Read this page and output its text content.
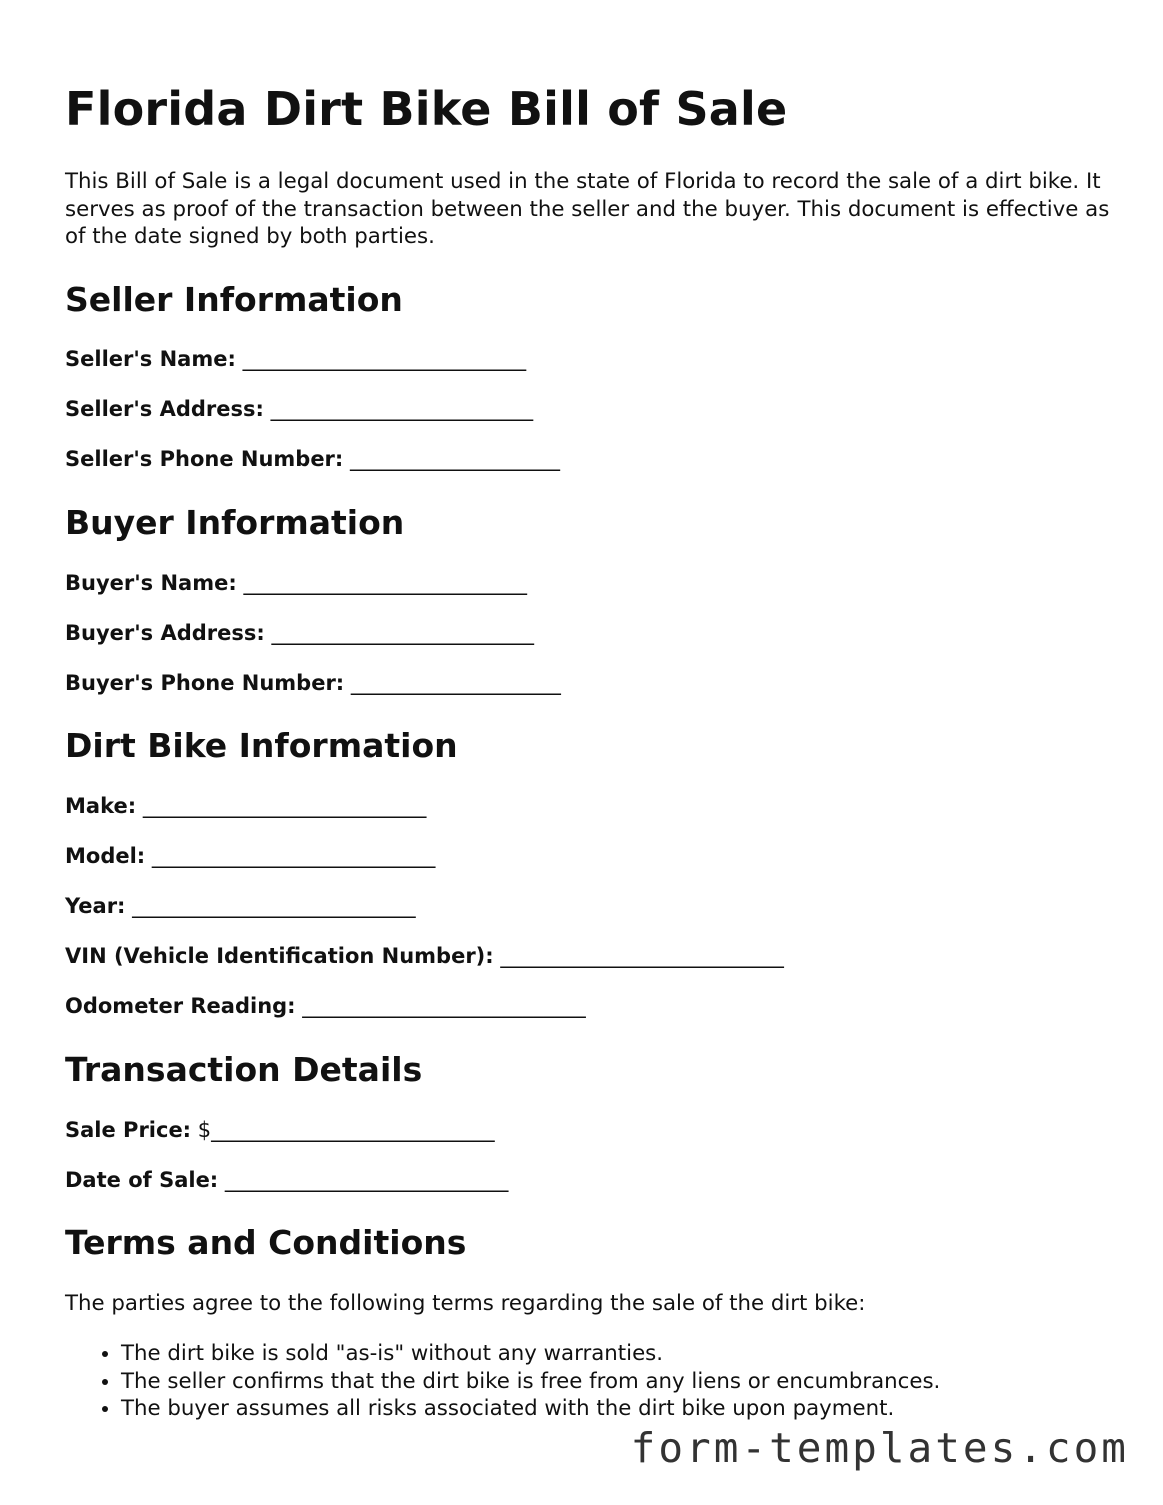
Florida Dirt Bike Bill of Sale

This Bill of Sale is a legal document used in the state of Florida to record the sale of a dirt bike. It serves as proof of the transaction between the seller and the buyer. This document is effective as of the date signed by both parties.

Seller Information

Seller's Name: ___________________________

Seller's Address: _________________________

Seller's Phone Number: ____________________

Buyer Information

Buyer's Name: ___________________________

Buyer's Address: _________________________

Buyer's Phone Number: ____________________

Dirt Bike Information

Make: ___________________________

Model: ___________________________

Year: ___________________________

VIN (Vehicle Identification Number): ___________________________

Odometer Reading: ___________________________

Transaction Details

Sale Price: $___________________________

Date of Sale: ___________________________

Terms and Conditions

The parties agree to the following terms regarding the sale of the dirt bike:

• The dirt bike is sold "as-is" without any warranties.
• The seller confirms that the dirt bike is free from any liens or encumbrances.
• The buyer assumes all risks associated with the dirt bike upon payment.
form-templates.com
